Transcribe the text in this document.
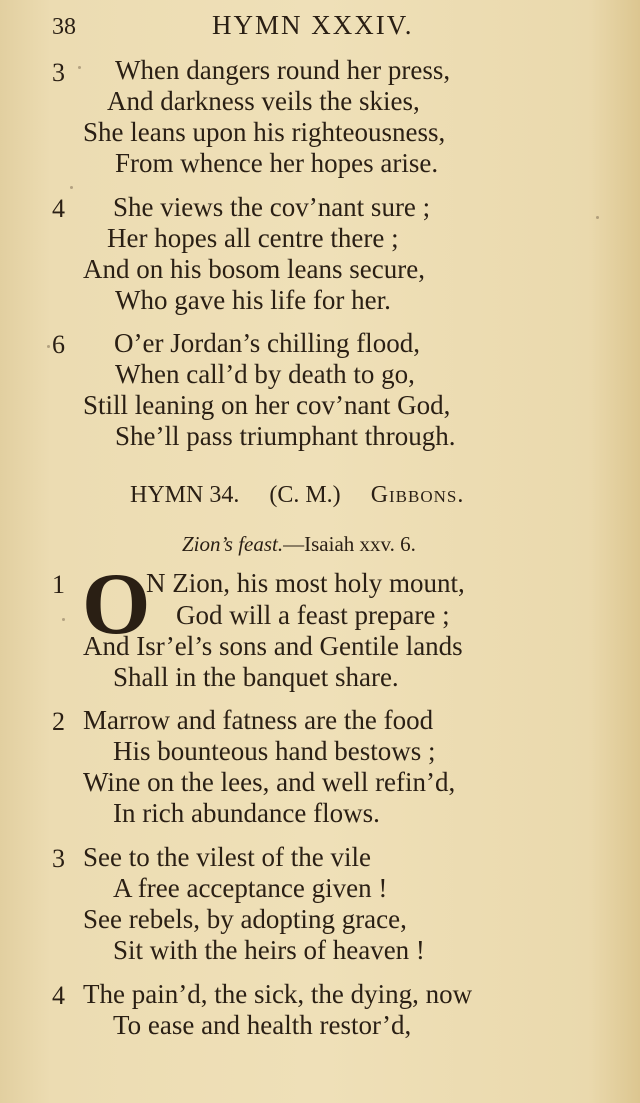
38	HYMN XXXIV.
3 When dangers round her press,
And darkness veils the skies,
She leans upon his righteousness,
From whence her hopes arise.
4 She views the cov’nant sure ;
Her hopes all centre there ;
And on his bosom leans secure,
Who gave his life for her.
6 O’er Jordan’s chilling flood,
When call’d by death to go,
Still leaning on her cov’nant God,
She’ll pass triumphant through.
HYMN 34. (C. M.) Gibbons.
Zion’s feast.—Isaiah xxv. 6.
1 O
N Zion, his most holy mount,
God will a feast prepare ;
And Isr’el’s sons and Gentile lands
Shall in the banquet share.
2 Marrow and fatness are the food
His bounteous hand bestows ;
Wine on the lees, and well refin’d,
In rich abundance flows.
3 See to the vilest of the vile
A free acceptance given !
See rebels, by adopting grace,
Sit with the heirs of heaven !
4 The pain’d, the sick, the dying, now
To ease and health restor’d,
